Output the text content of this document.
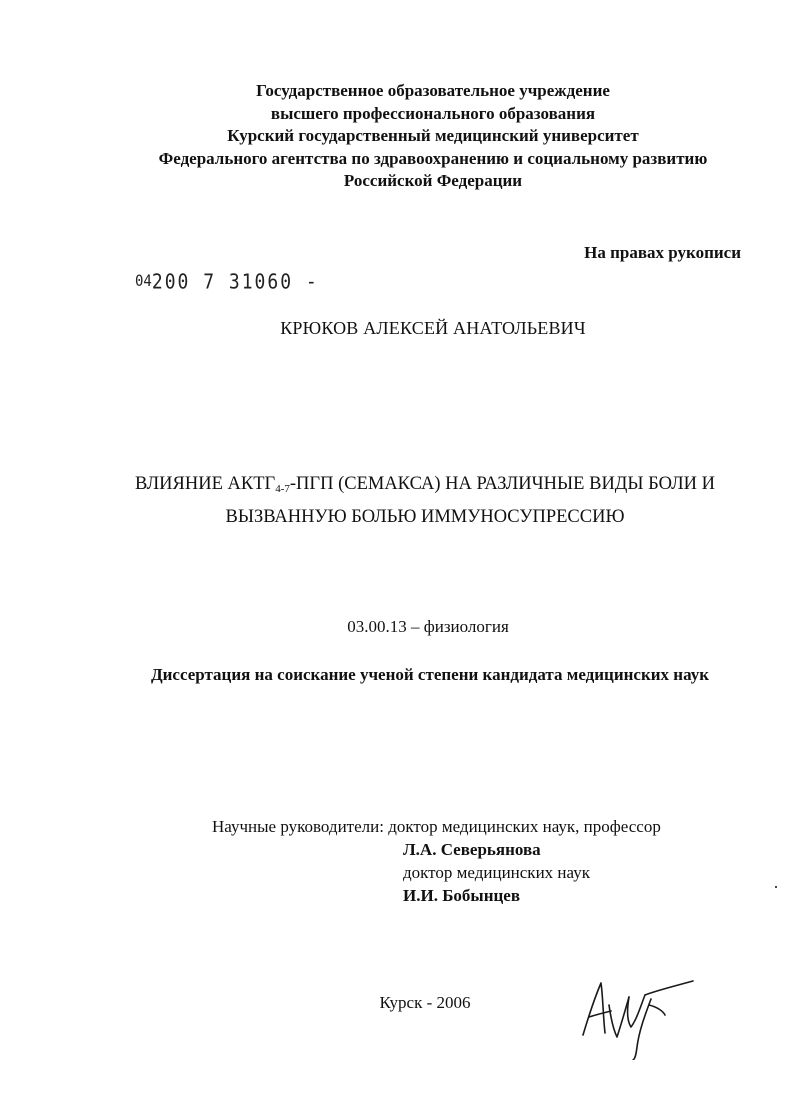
Государственное образовательное учреждение
высшего профессионального образования
Курский государственный медицинский университет
Федерального агентства по здравоохранению и социальному развитию
Российской Федерации
На правах рукописи
04200 7 31060 -
КРЮКОВ АЛЕКСЕЙ АНАТОЛЬЕВИЧ
ВЛИЯНИЕ $АКТГ_{4-7}$-ПГП (СЕМАКСА) НА РАЗЛИЧНЫЕ ВИДЫ БОЛИ И
ВЫЗВАННУЮ БОЛЬЮ ИММУНОСУПРЕССИЮ
03.00.13 – физиология
Диссертация на соискание ученой степени кандидата медицинских наук
Научные руководители: доктор медицинских наук, профессор
Л.А. Северьянова
доктор медицинских наук
И.И. Бобынцев
Курск - 2006
